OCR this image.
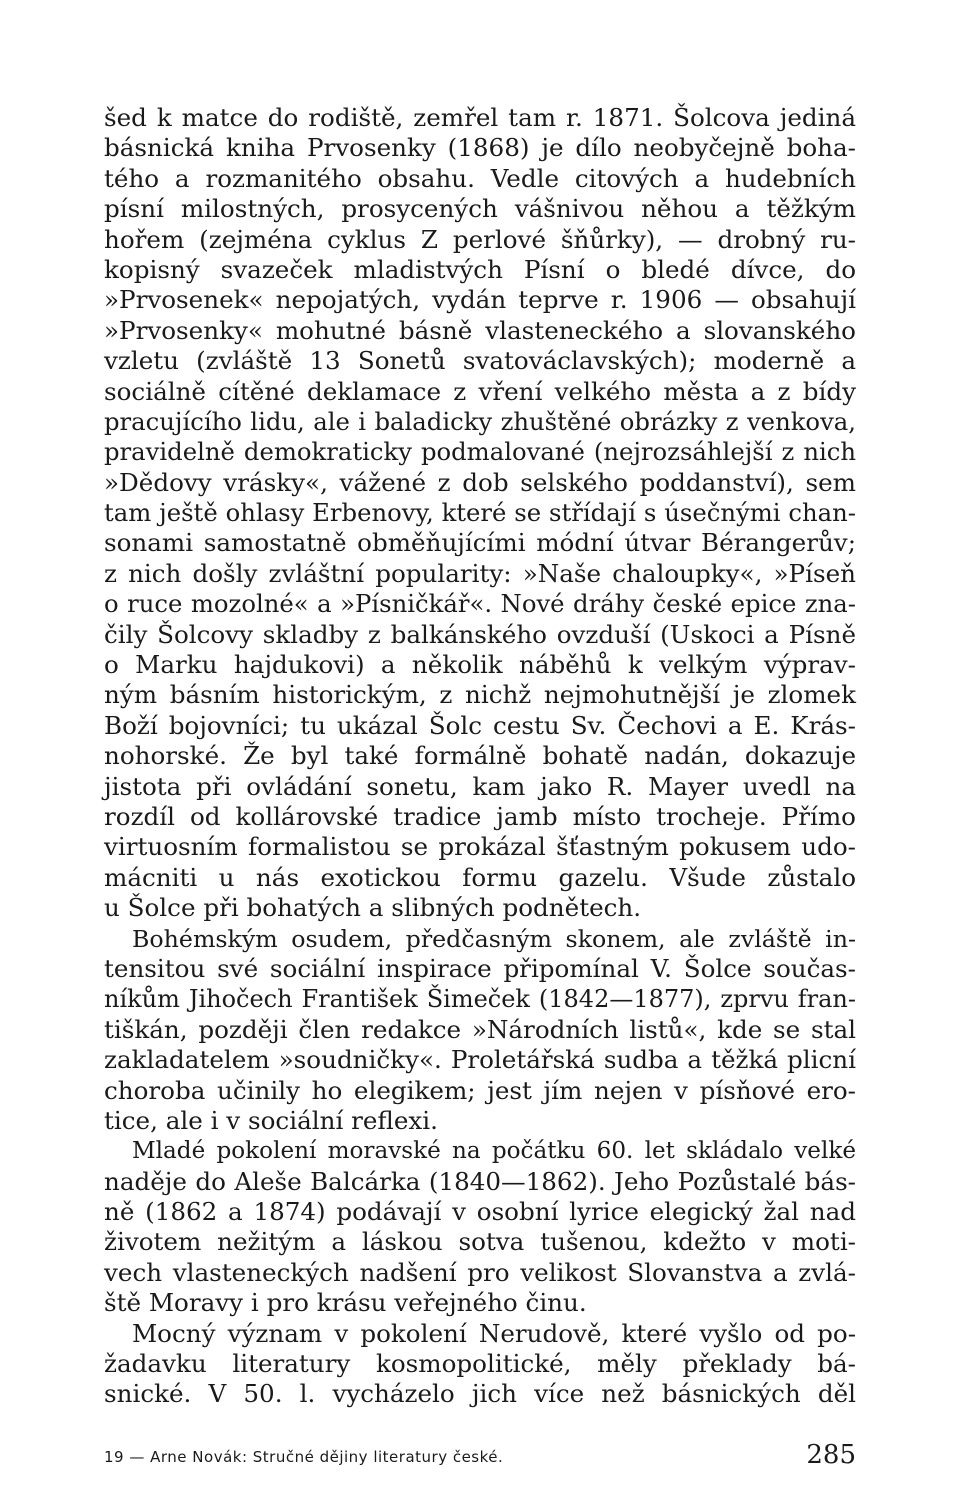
šed k matce do rodiště, zemřel tam r. 1871. Šolcova jediná
básnická kniha Prvosenky (1868) je dílo neobyčejně boha-
tého a rozmanitého obsahu. Vedle citových a hudebních
písní milostných, prosycených vášnivou něhou a těžkým
hořem (zejména cyklus Z perlové šňůrky), — drobný ru-
kopisný svazeček mladistvých Písní o bledé dívce, do
»Prvosenek« nepojatých, vydán teprve r. 1906 — obsahují
»Prvosenky« mohutné básně vlasteneckého a slovanského
vzletu (zvláště 13 Sonetů svatováclavských); moderně a
sociálně cítěné deklamace z vření velkého města a z bídy
pracujícího lidu, ale i baladicky zhuštěné obrázky z venkova,
pravidelně demokraticky podmalované (nejrozsáhlejší z nich
»Dědovy vrásky«, vážené z dob selského poddanství), sem
tam ještě ohlasy Erbenovy, které se střídají s úsečnými chan-
sonami samostatně obměňujícími módní útvar Bérangerův;
z nich došly zvláštní popularity: »Naše chaloupky«, »Píseň
o ruce mozolné« a »Písničkář«. Nové dráhy české epice zna-
čily Šolcovy skladby z balkánského ovzduší (Uskoci a Písně
o Marku hajdukovi) a několik náběhů k velkým výprav-
ným básním historickým, z nichž nejmohutnější je zlomek
Boží bojovníci; tu ukázal Šolc cestu Sv. Čechovi a E. Krás-
nohorské. Že byl také formálně bohatě nadán, dokazuje
jistota při ovládání sonetu, kam jako R. Mayer uvedl na
rozdíl od kollárovské tradice jamb místo trocheje. Přímo
virtuosním formalistou se prokázal šťastným pokusem udo-
mácniti u nás exotickou formu gazelu. Všude zůstalo
u Šolce při bohatých a slibných podnětech.
Bohémským osudem, předčasným skonem, ale zvláště in-
tensitou své sociální inspirace připomínal V. Šolce součas-
níkům Jihočech František Šimeček (1842—1877), zprvu fran-
tiškán, později člen redakce »Národních listů«, kde se stal
zakladatelem »soudničky«. Proletářská sudba a těžká plicní
choroba učinily ho elegikem; jest jím nejen v písňové ero-
tice, ale i v sociální reflexi.
Mladé pokolení moravské na počátku 60. let skládalo velké
naděje do Aleše Balcárka (1840—1862). Jeho Pozůstalé bás-
ně (1862 a 1874) podávají v osobní lyrice elegický žal nad
životem nežitým a láskou sotva tušenou, kdežto v moti-
vech vlasteneckých nadšení pro velikost Slovanstva a zvlá-
ště Moravy i pro krásu veřejného činu.
Mocný význam v pokolení Nerudově, které vyšlo od po-
žadavku literatury kosmopolitické, měly překlady bá-
snické. V 50. l. vycházelo jich více než básnických děl
19 — Arne Novák: Stručné dějiny literatury české.	285
